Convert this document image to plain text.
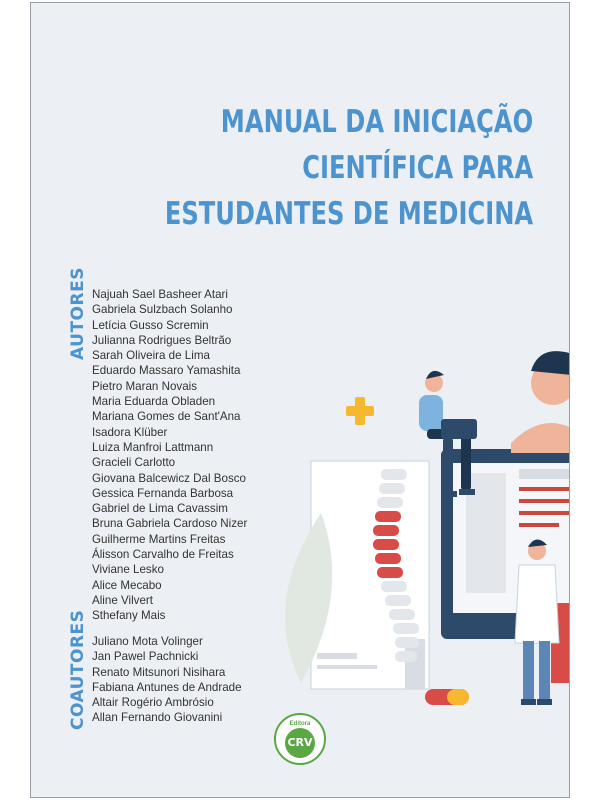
MANUAL DA INICIAÇÃO
CIENTÍFICA PARA
ESTUDANTES DE MEDICINA
AUTORES
COAUTORES
Najuah Sael Basheer Atari
Gabriela Sulzbach Solanho
Letícia Gusso Scremin
Julianna Rodrigues Beltrão
Sarah Oliveira de Lima
Eduardo Massaro Yamashita
Pietro Maran Novais
Maria Eduarda Obladen
Mariana Gomes de Sant'Ana
Isadora Klüber
Luiza Manfroi Lattmann
Gracieli Carlotto
Giovana Balcewicz Dal Bosco
Gessica Fernanda Barbosa
Gabriel de Lima Cavassim
Bruna Gabriela Cardoso Nizer
Guilherme Martins Freitas
Álisson Carvalho de Freitas
Viviane Lesko
Alice Mecabo
Aline Vilvert
Sthefany Mais
Juliano Mota Volinger
Jan Pawel Pachnicki
Renato Mitsunori Nisihara
Fabiana Antunes de Andrade
Altair Rogério Ambrósio
Allan Fernando Giovanini	Editora
CRV
